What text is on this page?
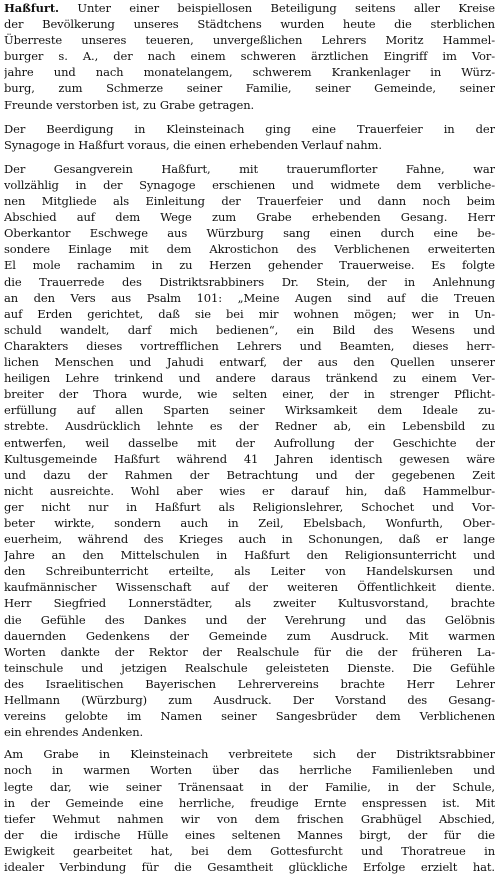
Haßfurt. Unter einer beispiellosen Beteiligung seitens aller Kreise
der Bevölkerung unseres Städtchens wurden heute die sterblichen
Überreste unseres teueren, unvergeßlichen Lehrers Moritz Hammel-
burger s. A., der nach einem schweren ärztlichen Eingriff im Vor-
jahre und nach monatelangem, schwerem Krankenlager in Würz-
burg, zum Schmerze seiner Familie, seiner Gemeinde, seiner
Freunde verstorben ist, zu Grabe getragen.
Der Beerdigung in Kleinsteinach ging eine Trauerfeier in der
Synagoge in Haßfurt voraus, die einen erhebenden Verlauf nahm.
Der Gesangverein Haßfurt, mit trauerumflorter Fahne, war
vollzählig in der Synagoge erschienen und widmete dem verbliche-
nen Mitgliede als Einleitung der Trauerfeier und dann noch beim
Abschied auf dem Wege zum Grabe erhebenden Gesang. Herr
Oberkantor Eschwege aus Würzburg sang einen durch eine be-
sondere Einlage mit dem Akrostichon des Verblichenen erweiterten
El mole rachamim in zu Herzen gehender Trauerweise. Es folgte
die Trauerrede des Distriktsrabbiners Dr. Stein, der in Anlehnung
an den Vers aus Psalm 101: „Meine Augen sind auf die Treuen
auf Erden gerichtet, daß sie bei mir wohnen mögen; wer in Un-
schuld wandelt, darf mich bedienen“, ein Bild des Wesens und
Charakters dieses vortrefflichen Lehrers und Beamten, dieses herr-
lichen Menschen und Jahudi entwarf, der aus den Quellen unserer
heiligen Lehre trinkend und andere daraus tränkend zu einem Ver-
breiter der Thora wurde, wie selten einer, der in strenger Pflicht-
erfüllung auf allen Sparten seiner Wirksamkeit dem Ideale zu-
strebte. Ausdrücklich lehnte es der Redner ab, ein Lebensbild zu
entwerfen, weil dasselbe mit der Aufrollung der Geschichte der
Kultusgemeinde Haßfurt während 41 Jahren identisch gewesen wäre
und dazu der Rahmen der Betrachtung und der gegebenen Zeit
nicht ausreichte. Wohl aber wies er darauf hin, daß Hammelbur-
ger nicht nur in Haßfurt als Religionslehrer, Schochet und Vor-
beter wirkte, sondern auch in Zeil, Ebelsbach, Wonfurth, Ober-
euerheim, während des Krieges auch in Schonungen, daß er lange
Jahre an den Mittelschulen in Haßfurt den Religionsunterricht und
den Schreibunterricht erteilte, als Leiter von Handelskursen und
kaufmännischer Wissenschaft auf der weiteren Öffentlichkeit diente.
Herr Siegfried Lonnerstädter, als zweiter Kultusvorstand, brachte
die Gefühle des Dankes und der Verehrung und das Gelöbnis
dauernden Gedenkens der Gemeinde zum Ausdruck. Mit warmen
Worten dankte der Rektor der Realschule für die der früheren La-
teinschule und jetzigen Realschule geleisteten Dienste. Die Gefühle
des Israelitischen Bayerischen Lehrervereins brachte Herr Lehrer
Hellmann (Würzburg) zum Ausdruck. Der Vorstand des Gesang-
vereins gelobte im Namen seiner Sangesbrüder dem Verblichenen
ein ehrendes Andenken.
Am Grabe in Kleinsteinach verbreitete sich der Distriktsrabbiner
noch in warmen Worten über das herrliche Familienleben und
legte dar, wie seiner Tränensaat in der Familie, in der Schule,
in der Gemeinde eine herrliche, freudige Ernte enspressen ist. Mit
tiefer Wehmut nahmen wir von dem frischen Grabhügel Abschied,
der die irdische Hülle eines seltenen Mannes birgt, der für die
Ewigkeit gearbeitet hat, bei dem Gottesfurcht und Thoratreue in
idealer Verbindung für die Gesamtheit glückliche Erfolge erzielt hat.
